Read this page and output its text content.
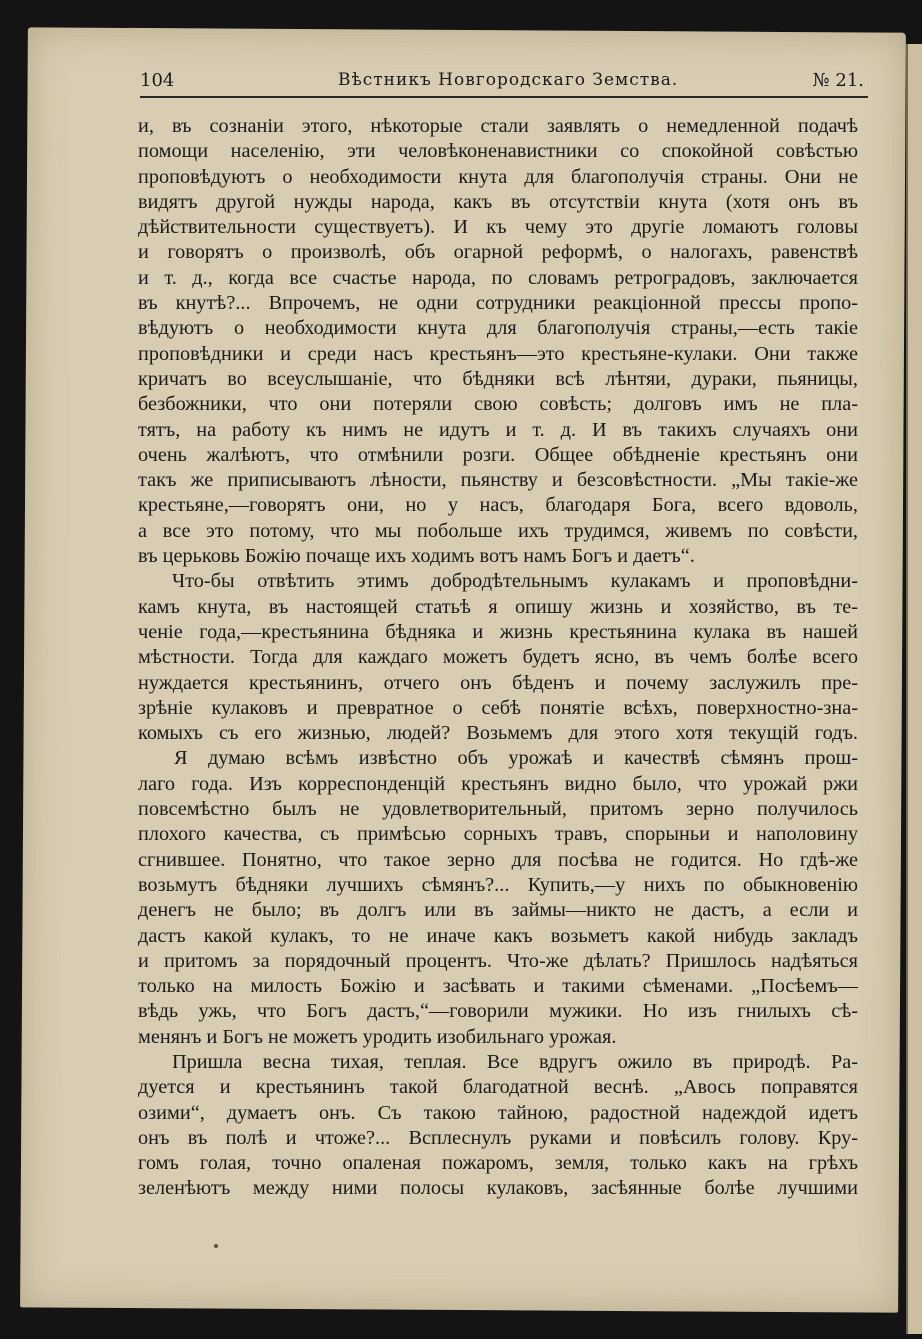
104	Вѣстникъ Новгородскаго Земства.	№ 21.
и, въ сознаніи этого, нѣкоторые стали заявлять о немедленной подачѣ
помощи населенію, эти человѣконенавистники со спокойной совѣстью
проповѣдуютъ о необходимости кнута для благополучія страны. Они не
видятъ другой нужды народа, какъ въ отсутствіи кнута (хотя онъ въ
дѣйствительности существуетъ). И къ чему это другіе ломаютъ головы
и говорятъ о произволѣ, объ огарной реформѣ, о налогахъ, равенствѣ
и т. д., когда все счастье народа, по словамъ ретроградовъ, заключается
въ кнутѣ?... Впрочемъ, не одни сотрудники реакціонной прессы пропо-
вѣдуютъ о необходимости кнута для благополучія страны,—есть такіе
проповѣдники и среди насъ крестьянъ—это крестьяне-кулаки. Они также
кричатъ во всеуслышаніе, что бѣдняки всѣ лѣнтяи, дураки, пьяницы,
безбожники, что они потеряли свою совѣсть; долговъ имъ не пла-
тятъ, на работу къ нимъ не идутъ и т. д. И въ такихъ случаяхъ они
очень жалѣютъ, что отмѣнили розги. Общее обѣдненіе крестьянъ они
такъ же приписываютъ лѣности, пьянству и безсовѣстности. „Мы такіе-же
крестьяне,—говорятъ они, но у насъ, благодаря Бога, всего вдоволь,
а все это потому, что мы побольше ихъ трудимся, живемъ по совѣсти,
въ церьковь Божію почаще ихъ ходимъ вотъ намъ Богъ и даетъ“.
Что-бы отвѣтить этимъ добродѣтельнымъ кулакамъ и проповѣдни-
камъ кнута, въ настоящей статьѣ я опишу жизнь и хозяйство, въ те-
ченіе года,—крестьянина бѣдняка и жизнь крестьянина кулака въ нашей
мѣстности. Тогда для каждаго можетъ будетъ ясно, въ чемъ болѣе всего
нуждается крестьянинъ, отчего онъ бѣденъ и почему заслужилъ пре-
зрѣніе кулаковъ и превратное о себѣ понятіе всѣхъ, поверхностно-зна-
комыхъ съ его жизнью, людей? Возьмемъ для этого хотя текущій годъ.
Я думаю всѣмъ извѣстно объ урожаѣ и качествѣ сѣмянъ прош-
лаго года. Изъ корреспонденцій крестьянъ видно было, что урожай ржи
повсемѣстно былъ не удовлетворительный, притомъ зерно получилось
плохого качества, съ примѣсью сорныхъ травъ, спорыньи и наполовину
сгнившее. Понятно, что такое зерно для посѣва не годится. Но гдѣ-же
возьмутъ бѣдняки лучшихъ сѣмянъ?... Купить,—у нихъ по обыкновенію
денегъ не было; въ долгъ или въ займы—никто не дастъ, а если и
дастъ какой кулакъ, то не иначе какъ возьметъ какой нибудь закладъ
и притомъ за порядочный процентъ. Что-же дѣлать? Пришлось надѣяться
только на милость Божію и засѣвать и такими сѣменами. „Посѣемъ—
вѣдь ужь, что Богъ дастъ,“—говорили мужики. Но изъ гнилыхъ сѣ-
менянъ и Богъ не можетъ уродить изобильнаго урожая.
Пришла весна тихая, теплая. Все вдругъ ожило въ природѣ. Ра-
дуется и крестьянинъ такой благодатной веснѣ. „Авось поправятся
озими“, думаетъ онъ. Съ такою тайною, радостной надеждой идетъ
онъ въ полѣ и чтоже?... Всплеснулъ руками и повѣсилъ голову. Кру-
гомъ голая, точно опаленая пожаромъ, земля, только какъ на грѣхъ
зеленѣютъ между ними полосы кулаковъ, засѣянные болѣе лучшими
